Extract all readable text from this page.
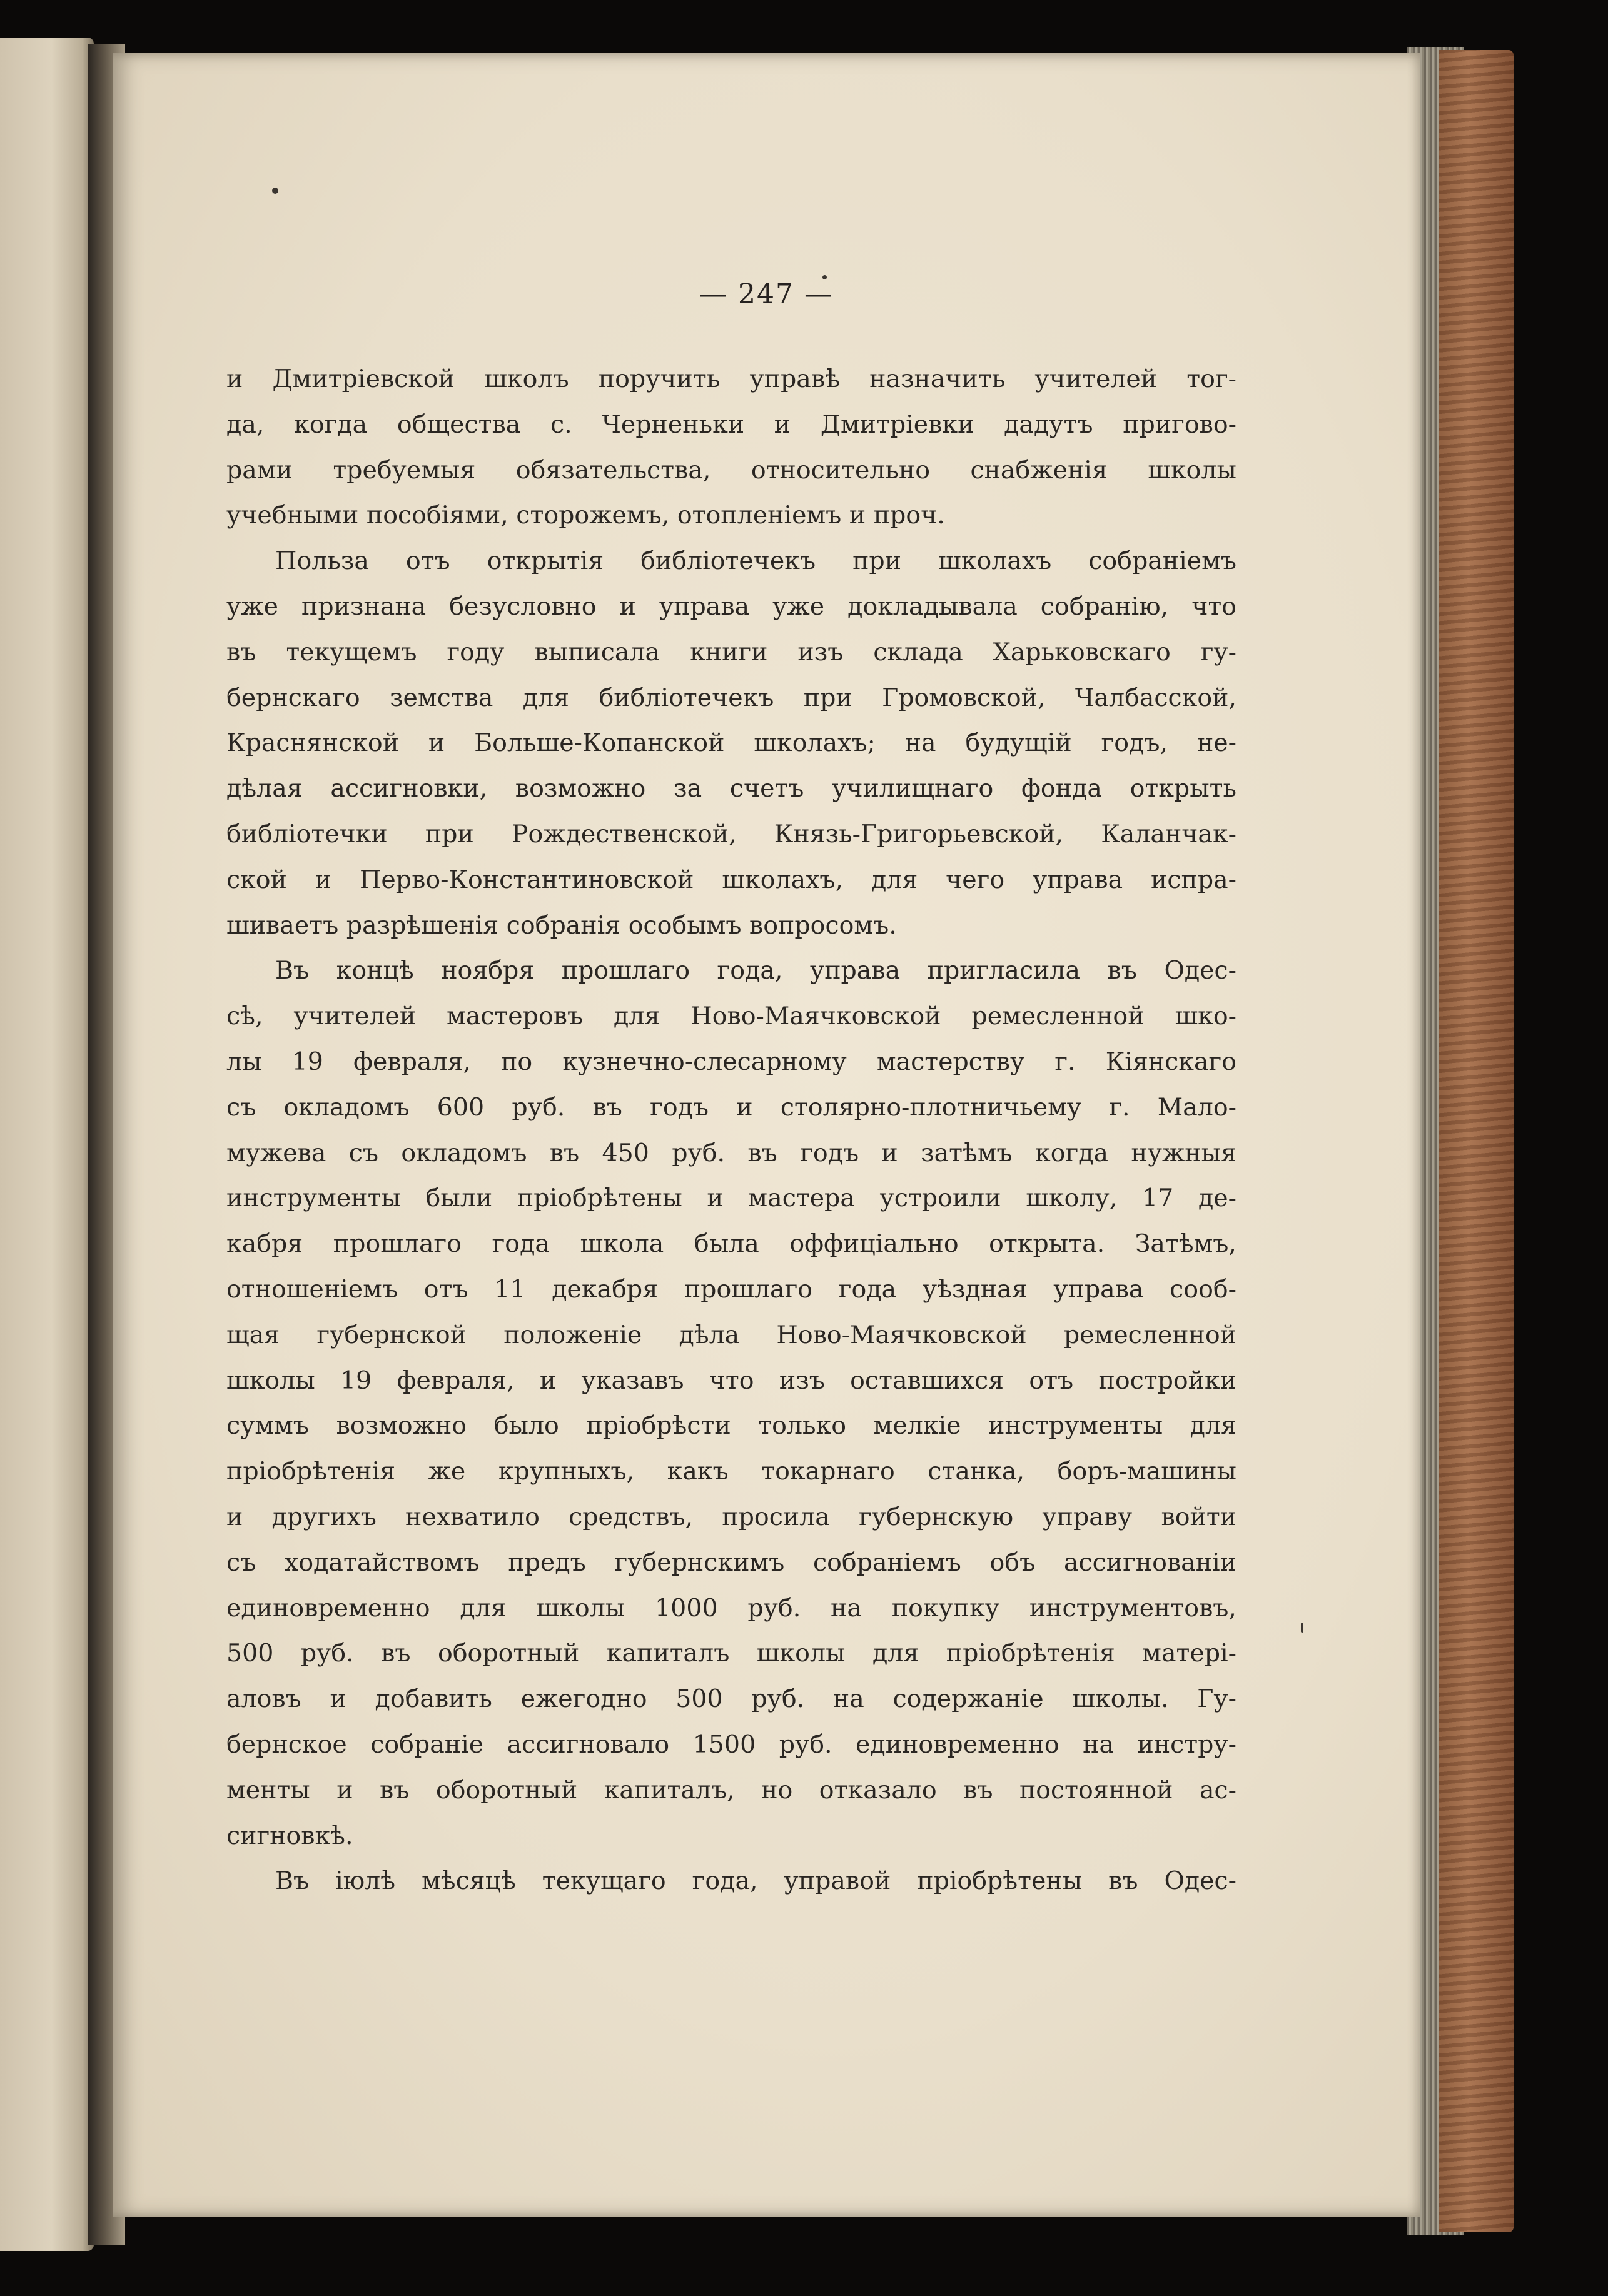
— 247 —
и Дмитріевской школъ поручить управѣ назначить учителей тог-
да, когда общества с. Черненьки и Дмитріевки дадутъ пригово-
рами требуемыя обязательства, относительно снабженія школы
учебными пособіями, сторожемъ, отопленіемъ и проч.
Польза отъ открытія библіотечекъ при школахъ собраніемъ
уже признана безусловно и управа уже докладывала собранію, что
въ текущемъ году выписала книги изъ склада Харьковскаго гу-
бернскаго земства для библіотечекъ при Громовской, Чалбасской,
Краснянской и Больше-Копанской школахъ; на будущій годъ, не-
дѣлая ассигновки, возможно за счетъ училищнаго фонда открыть
библіотечки при Рождественской, Князь-Григорьевской, Каланчак-
ской и Перво-Константиновской школахъ, для чего управа испра-
шиваетъ разрѣшенія собранія особымъ вопросомъ.
Въ концѣ ноября прошлаго года, управа пригласила въ Одес-
сѣ, учителей мастеровъ для Ново-Маячковской ремесленной шко-
лы 19 февраля, по кузнечно-слесарному мастерству г. Кіянскаго
съ окладомъ 600 руб. въ годъ и столярно-плотничьему г. Мало-
мужева съ окладомъ въ 450 руб. въ годъ и затѣмъ когда нужныя
инструменты были пріобрѣтены и мастера устроили школу, 17 де-
кабря прошлаго года школа была оффиціально открыта. Затѣмъ,
отношеніемъ отъ 11 декабря прошлаго года уѣздная управа сооб-
щая губернской положеніе дѣла Ново-Маячковской ремесленной
школы 19 февраля, и указавъ что изъ оставшихся отъ постройки
суммъ возможно было пріобрѣсти только мелкіе инструменты для
пріобрѣтенія же крупныхъ, какъ токарнаго станка, боръ-машины
и другихъ нехватило средствъ, просила губернскую управу войти
съ ходатайствомъ предъ губернскимъ собраніемъ объ ассигнованіи
единовременно для школы 1000 руб. на покупку инструментовъ,
500 руб. въ оборотный капиталъ школы для пріобрѣтенія матері-
аловъ и добавить ежегодно 500 руб. на содержаніе школы. Гу-
бернское собраніе ассигновало 1500 руб. единовременно на инстру-
менты и въ оборотный капиталъ, но отказало въ постоянной ас-
сигновкѣ.
Въ іюлѣ мѣсяцѣ текущаго года, управой пріобрѣтены въ Одес-
